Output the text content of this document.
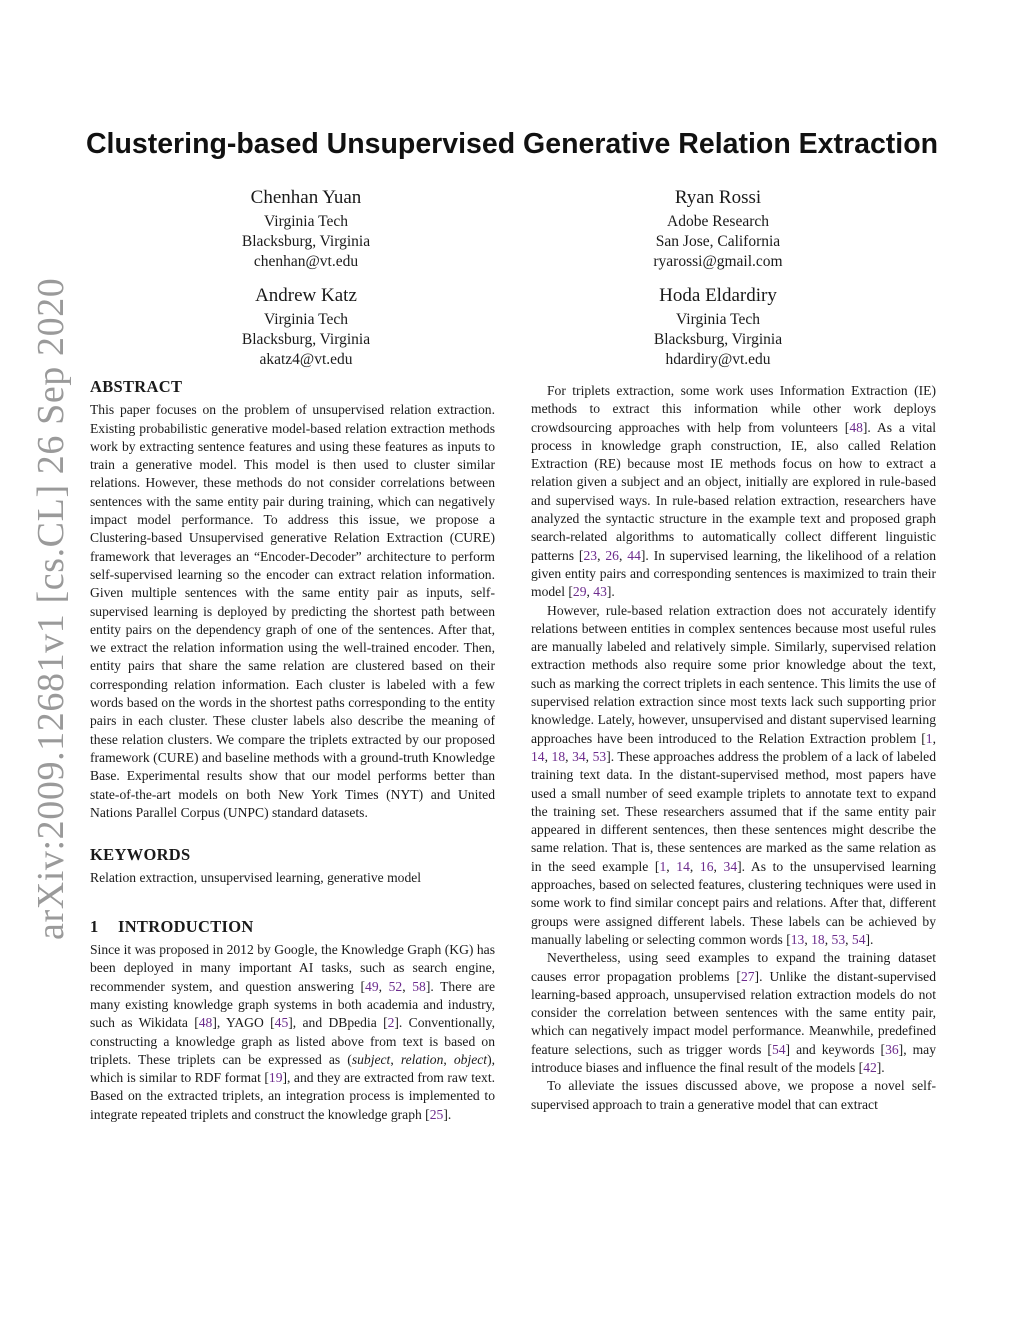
arXiv:2009.12681v1 [cs.CL] 26 Sep 2020
Clustering-based Unsupervised Generative Relation Extraction
Chenhan Yuan
Virginia Tech
Blacksburg, Virginia
chenhan@vt.edu
Ryan Rossi
Adobe Research
San Jose, California
ryarossi@gmail.com
Andrew Katz
Virginia Tech
Blacksburg, Virginia
akatz4@vt.edu
Hoda Eldardiry
Virginia Tech
Blacksburg, Virginia
hdardiry@vt.edu
ABSTRACT

This paper focuses on the problem of unsupervised relation extraction. Existing probabilistic generative model-based relation extraction methods work by extracting sentence features and using these features as inputs to train a generative model. This model is then used to cluster similar relations. However, these methods do not consider correlations between sentences with the same entity pair during training, which can negatively impact model performance. To address this issue, we propose a Clustering-based Unsupervised generative Relation Extraction (CURE) framework that leverages an “Encoder-Decoder” architecture to perform self-supervised learning so the encoder can extract relation information. Given multiple sentences with the same entity pair as inputs, self-supervised learning is deployed by predicting the shortest path between entity pairs on the dependency graph of one of the sentences. After that, we extract the relation information using the well-trained encoder. Then, entity pairs that share the same relation are clustered based on their corresponding relation information. Each cluster is labeled with a few words based on the words in the shortest paths corresponding to the entity pairs in each cluster. These cluster labels also describe the meaning of these relation clusters. We compare the triplets extracted by our proposed framework (CURE) and baseline methods with a ground-truth Knowledge Base. Experimental results show that our model performs better than state-of-the-art models on both New York Times (NYT) and United Nations Parallel Corpus (UNPC) standard datasets.

KEYWORDS

Relation extraction, unsupervised learning, generative model

1 INTRODUCTION

Since it was proposed in 2012 by Google, the Knowledge Graph (KG) has been deployed in many important AI tasks, such as search engine, recommender system, and question answering [49, 52, 58]. There are many existing knowledge graph systems in both academia and industry, such as Wikidata [48], YAGO [45], and DBpedia [2]. Conventionally, constructing a knowledge graph as listed above from text is based on triplets. These triplets can be expressed as (subject, relation, object), which is similar to RDF format [19], and they are extracted from raw text. Based on the extracted triplets, an integration process is implemented to integrate repeated triplets and construct the knowledge graph [25].

For triplets extraction, some work uses Information Extraction (IE) methods to extract this information while other work deploys crowdsourcing approaches with help from volunteers [48]. As a vital process in knowledge graph construction, IE, also called Relation Extraction (RE) because most IE methods focus on how to extract a relation given a subject and an object, initially are explored in rule-based and supervised ways. In rule-based relation extraction, researchers have analyzed the syntactic structure in the example text and proposed graph search-related algorithms to automatically collect different linguistic patterns [23, 26, 44]. In supervised learning, the likelihood of a relation given entity pairs and corresponding sentences is maximized to train their model [29, 43].

However, rule-based relation extraction does not accurately identify relations between entities in complex sentences because most useful rules are manually labeled and relatively simple. Similarly, supervised relation extraction methods also require some prior knowledge about the text, such as marking the correct triplets in each sentence. This limits the use of supervised relation extraction since most texts lack such supporting prior knowledge. Lately, however, unsupervised and distant supervised learning approaches have been introduced to the Relation Extraction problem [1, 14, 18, 34, 53]. These approaches address the problem of a lack of labeled training text data. In the distant-supervised method, most papers have used a small number of seed example triplets to annotate text to expand the training set. These researchers assumed that if the same entity pair appeared in different sentences, then these sentences might describe the same relation. That is, these sentences are marked as the same relation as in the seed example [1, 14, 16, 34]. As to the unsupervised learning approaches, based on selected features, clustering techniques were used in some work to find similar concept pairs and relations. After that, different groups were assigned different labels. These labels can be achieved by manually labeling or selecting common words [13, 18, 53, 54].

Nevertheless, using seed examples to expand the training dataset causes error propagation problems [27]. Unlike the distant-supervised learning-based approach, unsupervised relation extraction models do not consider the correlation between sentences with the same entity pair, which can negatively impact model performance. Meanwhile, predefined feature selections, such as trigger words [54] and keywords [36], may introduce biases and influence the final result of the models [42].

To alleviate the issues discussed above, we propose a novel self-supervised approach to train a generative model that can extract
